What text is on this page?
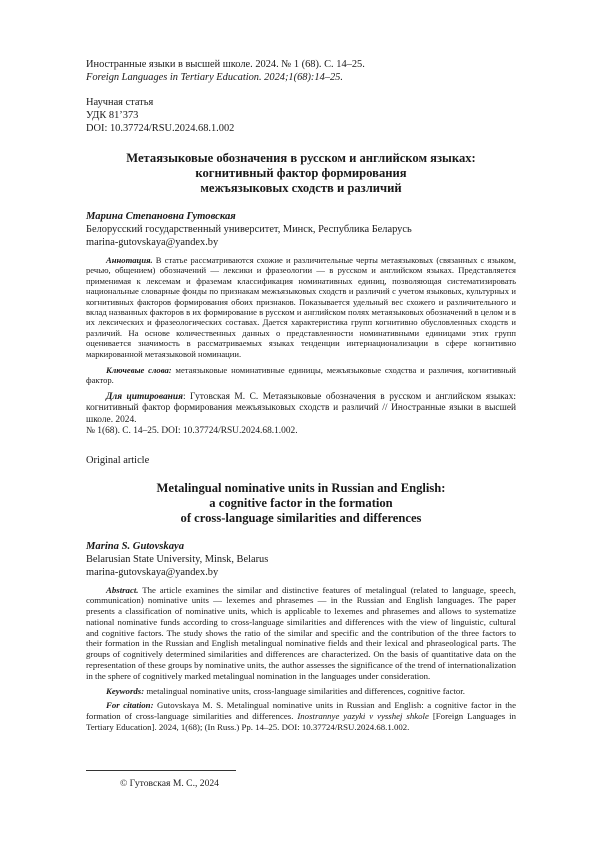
Иностранные языки в высшей школе. 2024. № 1 (68). С. 14–25.
Foreign Languages in Tertiary Education. 2024;1(68):14–25.
Научная статья
УДК 81’373
DOI: 10.37724/RSU.2024.68.1.002
Метаязыковые обозначения в русском и английском языках:
когнитивный фактор формирования
межъязыковых сходств и различий
Марина Степановна Гутовская
Белорусский государственный университет, Минск, Республика Беларусь
marina-gutovskaya@yandex.by
Аннотация. В статье рассматриваются схожие и различительные черты метаязыковых (связанных с языком, речью, общением) обозначений — лексики и фразеологии — в русском и английском языках. Представляется применимая к лексемам и фраземам классификация номинативных единиц, позволяющая систематизировать национальные словарные фонды по признакам межъязыковых сходств и различий с учетом языковых, культурных и когнитивных факторов формирования обоих признаков. Показывается удельный вес схожего и различительного и вклад названных факторов в их формирование в русском и английском полях метаязыковых обозначений в целом и в их лексических и фразеологических составах. Дается характеристика групп когнитивно обусловленных сходств и различий. На основе количественных данных о представленности номинативными единицами этих групп оценивается значимость в рассматриваемых языках тенденции интернационализации в сфере когнитивно маркированной метаязыковой номинации.
Ключевые слова: метаязыковые номинативные единицы, межъязыковые сходства и различия, когнитивный фактор.
Для цитирования: Гутовская М. С. Метаязыковые обозначения в русском и английском языках: когнитивный фактор формирования межъязыковых сходств и различий // Иностранные языки в высшей школе. 2024.
№ 1(68). С. 14–25. DOI: 10.37724/RSU.2024.68.1.002.
Original article
Metalingual nominative units in Russian and English:
a cognitive factor in the formation
of cross-language similarities and differences
Marina S. Gutovskaya
Belarusian State University, Minsk, Belarus
marina-gutovskaya@yandex.by
Abstract. The article examines the similar and distinctive features of metalingual (related to language, speech, communication) nominative units — lexemes and phrasemes — in the Russian and English languages. The paper presents a classification of nominative units, which is applicable to lexemes and phrasemes and allows to systematize national nominative funds according to cross-language similarities and differences with the view of linguistic, cultural and cognitive factors. The study shows the ratio of the similar and specific and the contribution of the three factors to their formation in the Russian and English metalingual nominative fields and their lexical and phraseological parts. The groups of cognitively determined similarities and differences are characterized. On the basis of quantitative data on the representation of these groups by nominative units, the author assesses the significance of the trend of internationalization in the sphere of cognitively marked metalingual nomination in the languages under consideration.
Keywords: metalingual nominative units, cross-language similarities and differences, cognitive factor.
For citation: Gutovskaya M. S. Metalingual nominative units in Russian and English: a cognitive factor in the formation of cross-language similarities and differences. Inostrannye yazyki v vysshej shkole [Foreign Languages in Tertiary Education]. 2024, 1(68); (In Russ.) Pp. 14–25. DOI: 10.37724/RSU.2024.68.1.002.
© Гутовская М. С., 2024
